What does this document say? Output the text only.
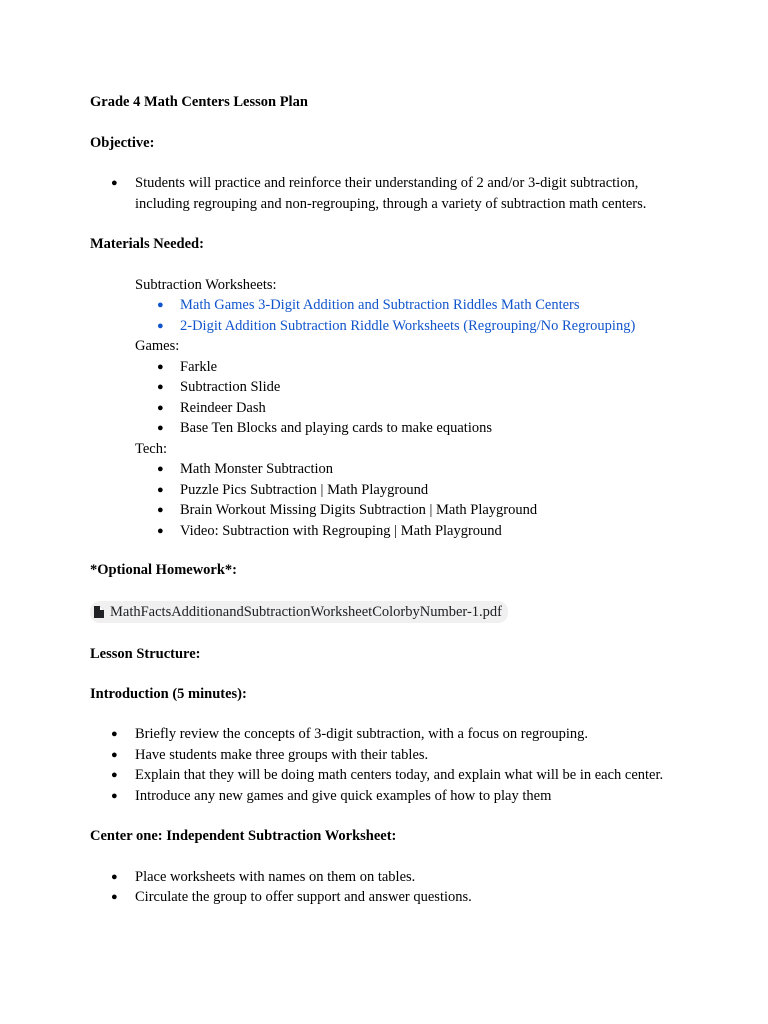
Grade 4 Math Centers Lesson Plan

Objective:

● Students will practice and reinforce their understanding of 2 and/or 3-digit subtraction, including regrouping and non-regrouping, through a variety of subtraction math centers.

Materials Needed:

Subtraction Worksheets:

● Math Games 3-Digit Addition and Subtraction Riddles Math Centers
● 2-Digit Addition Subtraction Riddle Worksheets (Regrouping/No Regrouping)

Games:

● Farkle
● Subtraction Slide
● Reindeer Dash
● Base Ten Blocks and playing cards to make equations

Tech:

● Math Monster Subtraction
● Puzzle Pics Subtraction | Math Playground
● Brain Workout Missing Digits Subtraction | Math Playground
● Video: Subtraction with Regrouping | Math Playground

*Optional Homework*:

MathFactsAdditionandSubtractionWorksheetColorbyNumber-1.pdf

Lesson Structure:

Introduction (5 minutes):

● Briefly review the concepts of 3-digit subtraction, with a focus on regrouping.
● Have students make three groups with their tables.
● Explain that they will be doing math centers today, and explain what will be in each center.
● Introduce any new games and give quick examples of how to play them

Center one: Independent Subtraction Worksheet:

● Place worksheets with names on them on tables.
● Circulate the group to offer support and answer questions.
